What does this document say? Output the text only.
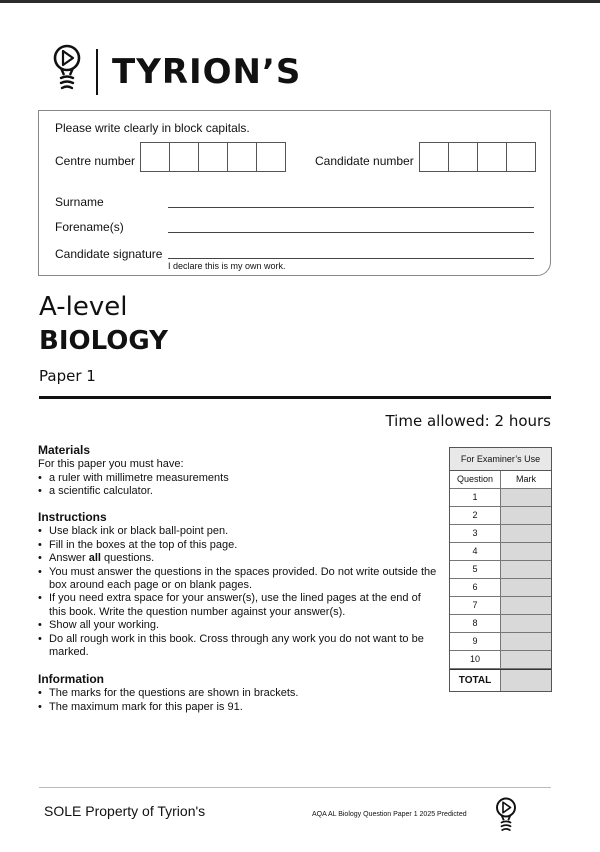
TYRION’S
Please write clearly in block capitals.
Centre number	Candidate number
Surname
Forename(s)
Candidate signature
I declare this is my own work.
A-level
BIOLOGY
Paper 1
Time allowed: 2 hours
Materials
For this paper you must have:
• a ruler with millimetre measurements
• a scientific calculator.
Instructions
• Use black ink or black ball-point pen.
• Fill in the boxes at the top of this page.
• Answer all questions.
• You must answer the questions in the spaces provided. Do not write outside the box around each page or on blank pages.
• If you need extra space for your answer(s), use the lined pages at the end of this book. Write the question number against your answer(s).
• Show all your working.
• Do all rough work in this book. Cross through any work you do not want to be marked.
Information
• The marks for the questions are shown in brackets.
• The maximum mark for this paper is 91.
For Examiner’s Use
Question	Mark
1
2
3
4
5
6
7
8
9
10
TOTAL
SOLE Property of Tyrion's	AQA AL Biology Question Paper 1 2025 Predicted
